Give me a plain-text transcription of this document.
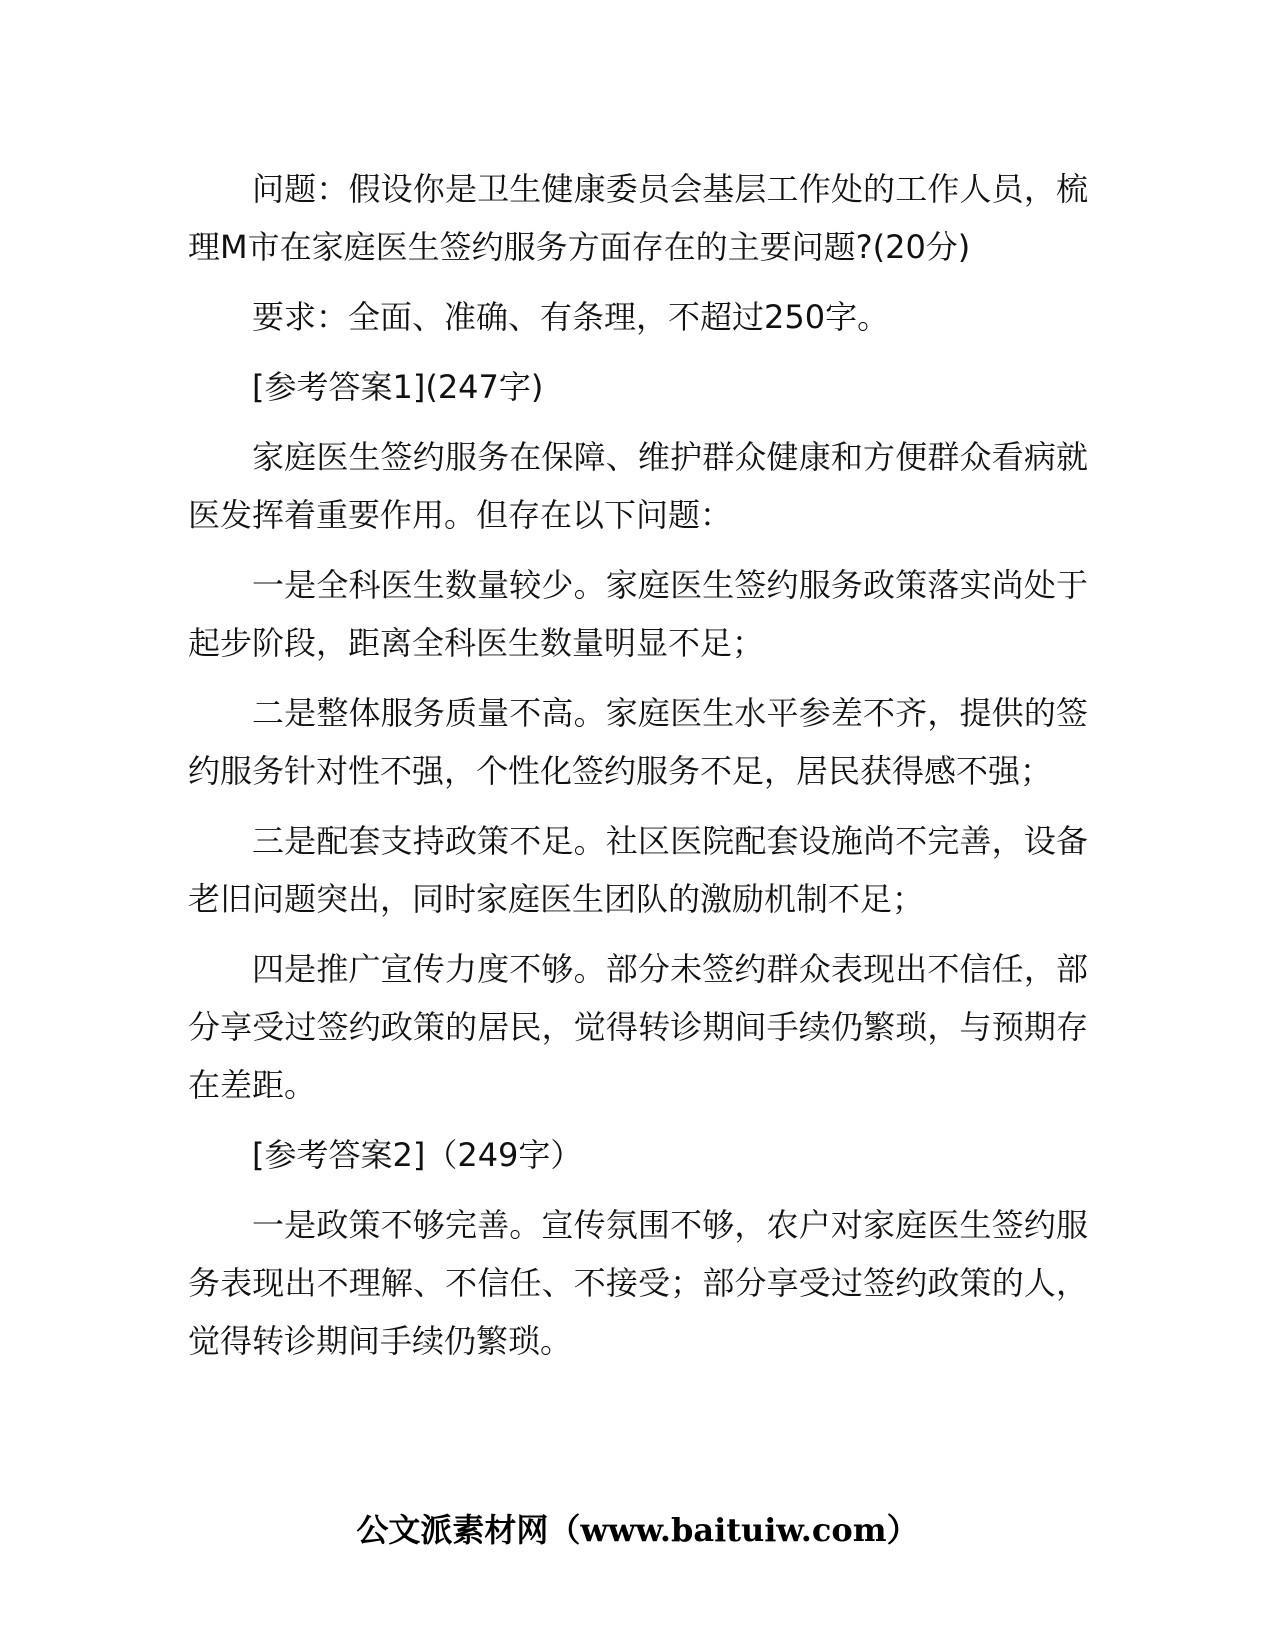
问题：假设你是卫生健康委员会基层工作处的工作人员，梳理M市在家庭医生签约服务方面存在的主要问题?(20分)

要求：全面、准确、有条理，不超过250字。

[参考答案1](247字)

家庭医生签约服务在保障、维护群众健康和方便群众看病就医发挥着重要作用。但存在以下问题：

一是全科医生数量较少。家庭医生签约服务政策落实尚处于起步阶段，距离全科医生数量明显不足；

二是整体服务质量不高。家庭医生水平参差不齐，提供的签约服务针对性不强，个性化签约服务不足，居民获得感不强；

三是配套支持政策不足。社区医院配套设施尚不完善，设备老旧问题突出，同时家庭医生团队的激励机制不足；

四是推广宣传力度不够。部分未签约群众表现出不信任，部分享受过签约政策的居民，觉得转诊期间手续仍繁琐，与预期存在差距。

[参考答案2]（249字）

一是政策不够完善。宣传氛围不够，农户对家庭医生签约服务表现出不理解、不信任、不接受；部分享受过签约政策的人，觉得转诊期间手续仍繁琐。

公文派素材网（www.baituiw.com）
